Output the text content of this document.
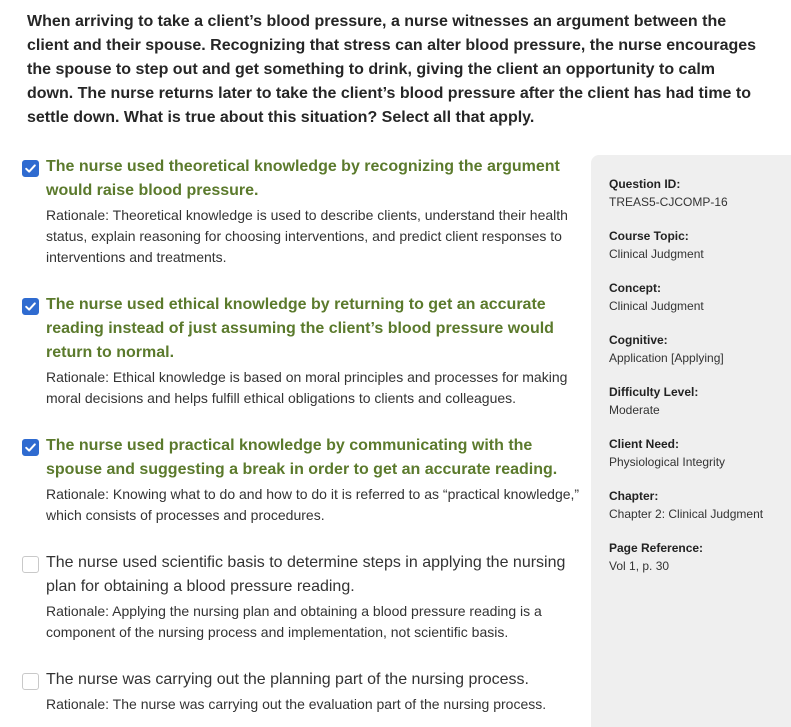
When arriving to take a client’s blood pressure, a nurse witnesses an argument between the client and their spouse. Recognizing that stress can alter blood pressure, the nurse encourages the spouse to step out and get something to drink, giving the client an opportunity to calm down. The nurse returns later to take the client’s blood pressure after the client has had time to settle down. What is true about this situation? Select all that apply.
The nurse used theoretical knowledge by recognizing the argument would raise blood pressure.
Rationale: Theoretical knowledge is used to describe clients, understand their health status, explain reasoning for choosing interventions, and predict client responses to interventions and treatments.
The nurse used ethical knowledge by returning to get an accurate reading instead of just assuming the client’s blood pressure would return to normal.
Rationale: Ethical knowledge is based on moral principles and processes for making moral decisions and helps fulfill ethical obligations to clients and colleagues.
The nurse used practical knowledge by communicating with the spouse and suggesting a break in order to get an accurate reading.
Rationale: Knowing what to do and how to do it is referred to as “practical knowledge,” which consists of processes and procedures.
The nurse used scientific basis to determine steps in applying the nursing plan for obtaining a blood pressure reading.
Rationale: Applying the nursing plan and obtaining a blood pressure reading is a component of the nursing process and implementation, not scientific basis.
The nurse was carrying out the planning part of the nursing process.
Rationale: The nurse was carrying out the evaluation part of the nursing process.
Question ID:
TREAS5-CJCOMP-16
Course Topic:
Clinical Judgment
Concept:
Clinical Judgment
Cognitive:
Application [Applying]
Difficulty Level:
Moderate
Client Need:
Physiological Integrity
Chapter:
Chapter 2: Clinical Judgment
Page Reference:
Vol 1, p. 30
